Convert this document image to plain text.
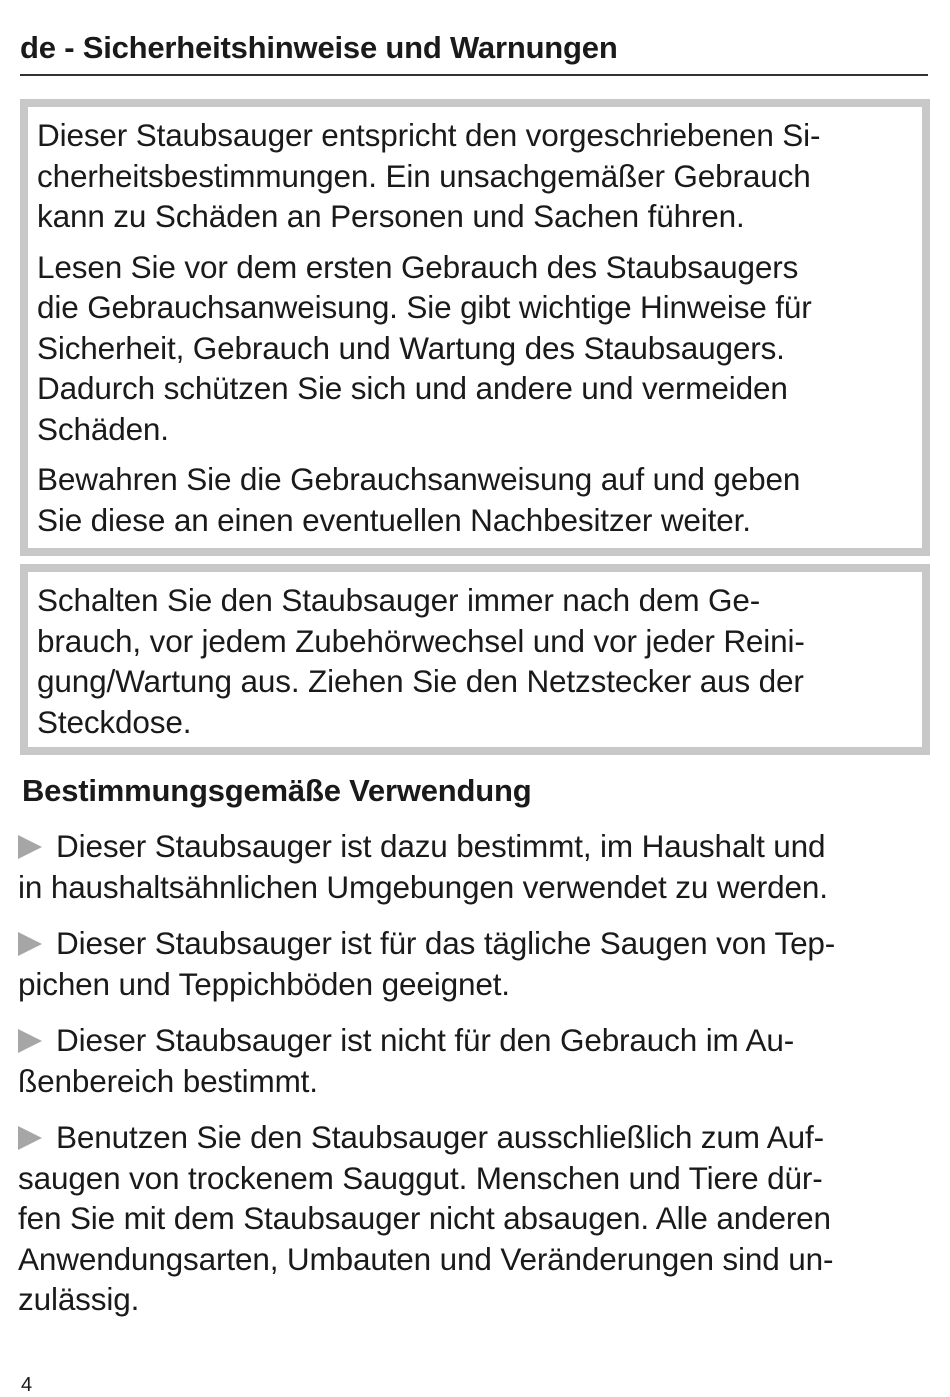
de - Sicherheitshinweise und Warnungen

Dieser Staubsauger entspricht den vorgeschriebenen Si-
cherheitsbestimmungen. Ein unsachgemäßer Gebrauch
kann zu Schäden an Personen und Sachen führen.

Lesen Sie vor dem ersten Gebrauch des Staubsaugers
die Gebrauchsanweisung. Sie gibt wichtige Hinweise für
Sicherheit, Gebrauch und Wartung des Staubsaugers.
Dadurch schützen Sie sich und andere und vermeiden
Schäden.

Bewahren Sie die Gebrauchsanweisung auf und geben
Sie diese an einen eventuellen Nachbesitzer weiter.

Schalten Sie den Staubsauger immer nach dem Ge-
brauch, vor jedem Zubehörwechsel und vor jeder Reini-
gung/Wartung aus. Ziehen Sie den Netzstecker aus der
Steckdose.

Bestimmungsgemäße Verwendung

Dieser Staubsauger ist dazu bestimmt, im Haushalt und
in haushaltsähnlichen Umgebungen verwendet zu werden.

Dieser Staubsauger ist für das tägliche Saugen von Tep-
pichen und Teppichböden geeignet.

Dieser Staubsauger ist nicht für den Gebrauch im Au-
ßenbereich bestimmt.

Benutzen Sie den Staubsauger ausschließlich zum Auf-
saugen von trockenem Sauggut. Menschen und Tiere dür-
fen Sie mit dem Staubsauger nicht absaugen. Alle anderen
Anwendungsarten, Umbauten und Veränderungen sind un-
zulässig.

4
